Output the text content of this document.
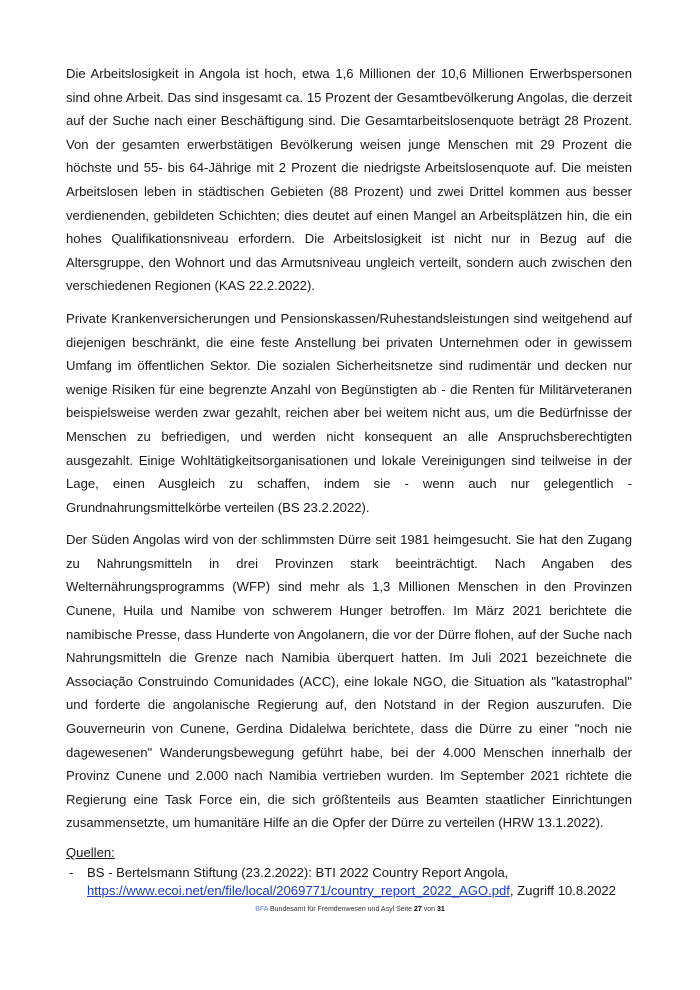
Die Arbeitslosigkeit in Angola ist hoch, etwa 1,6 Millionen der 10,6 Millionen Erwerbspersonen sind ohne Arbeit. Das sind insgesamt ca. 15 Prozent der Gesamtbevölkerung Angolas, die derzeit auf der Suche nach einer Beschäftigung sind. Die Gesamtarbeitslosenquote beträgt 28 Prozent. Von der gesamten erwerbstätigen Bevölkerung weisen junge Menschen mit 29 Prozent die höchste und 55- bis 64-Jährige mit 2 Prozent die niedrigste Arbeitslosenquote auf. Die meisten Arbeitslosen leben in städtischen Gebieten (88 Prozent) und zwei Drittel kommen aus besser verdienenden, gebildeten Schichten; dies deutet auf einen Mangel an Arbeitsplätzen hin, die ein hohes Qualifikationsniveau erfordern. Die Arbeitslosigkeit ist nicht nur in Bezug auf die Altersgruppe, den Wohnort und das Armutsniveau ungleich verteilt, sondern auch zwischen den verschiedenen Regionen (KAS 22.2.2022).

Private Krankenversicherungen und Pensionskassen/Ruhestandsleistungen sind weitgehend auf diejenigen beschränkt, die eine feste Anstellung bei privaten Unternehmen oder in gewissem Umfang im öffentlichen Sektor. Die sozialen Sicherheitsnetze sind rudimentär und decken nur wenige Risiken für eine begrenzte Anzahl von Begünstigten ab - die Renten für Militärveteranen beispielsweise werden zwar gezahlt, reichen aber bei weitem nicht aus, um die Bedürfnisse der Menschen zu befriedigen, und werden nicht konsequent an alle Anspruchsberechtigten ausgezahlt. Einige Wohltätigkeitsorganisationen und lokale Vereinigungen sind teilweise in der Lage, einen Ausgleich zu schaffen, indem sie - wenn auch nur gelegentlich - Grundnahrungsmittelkörbe verteilen (BS 23.2.2022).

Der Süden Angolas wird von der schlimmsten Dürre seit 1981 heimgesucht. Sie hat den Zugang zu Nahrungsmitteln in drei Provinzen stark beeinträchtigt. Nach Angaben des Welternährungsprogramms (WFP) sind mehr als 1,3 Millionen Menschen in den Provinzen Cunene, Huila und Namibe von schwerem Hunger betroffen. Im März 2021 berichtete die namibische Presse, dass Hunderte von Angolanern, die vor der Dürre flohen, auf der Suche nach Nahrungsmitteln die Grenze nach Namibia überquert hatten. Im Juli 2021 bezeichnete die Associação Construindo Comunidades (ACC), eine lokale NGO, die Situation als "katastrophal" und forderte die angolanische Regierung auf, den Notstand in der Region auszurufen. Die Gouverneurin von Cunene, Gerdina Didalelwa berichtete, dass die Dürre zu einer "noch nie dagewesenen" Wanderungsbewegung geführt habe, bei der 4.000 Menschen innerhalb der Provinz Cunene und 2.000 nach Namibia vertrieben wurden. Im September 2021 richtete die Regierung eine Task Force ein, die sich größtenteils aus Beamten staatlicher Einrichtungen zusammensetzte, um humanitäre Hilfe an die Opfer der Dürre zu verteilen (HRW 13.1.2022).

Quellen:
- BS - Bertelsmann Stiftung (23.2.2022): BTI 2022 Country Report Angola,
https://www.ecoi.net/en/file/local/2069771/country_report_2022_AGO.pdf, Zugriff 10.8.2022
BFA Bundesamt für Fremdenwesen und Asyl Seite 27 von 31
